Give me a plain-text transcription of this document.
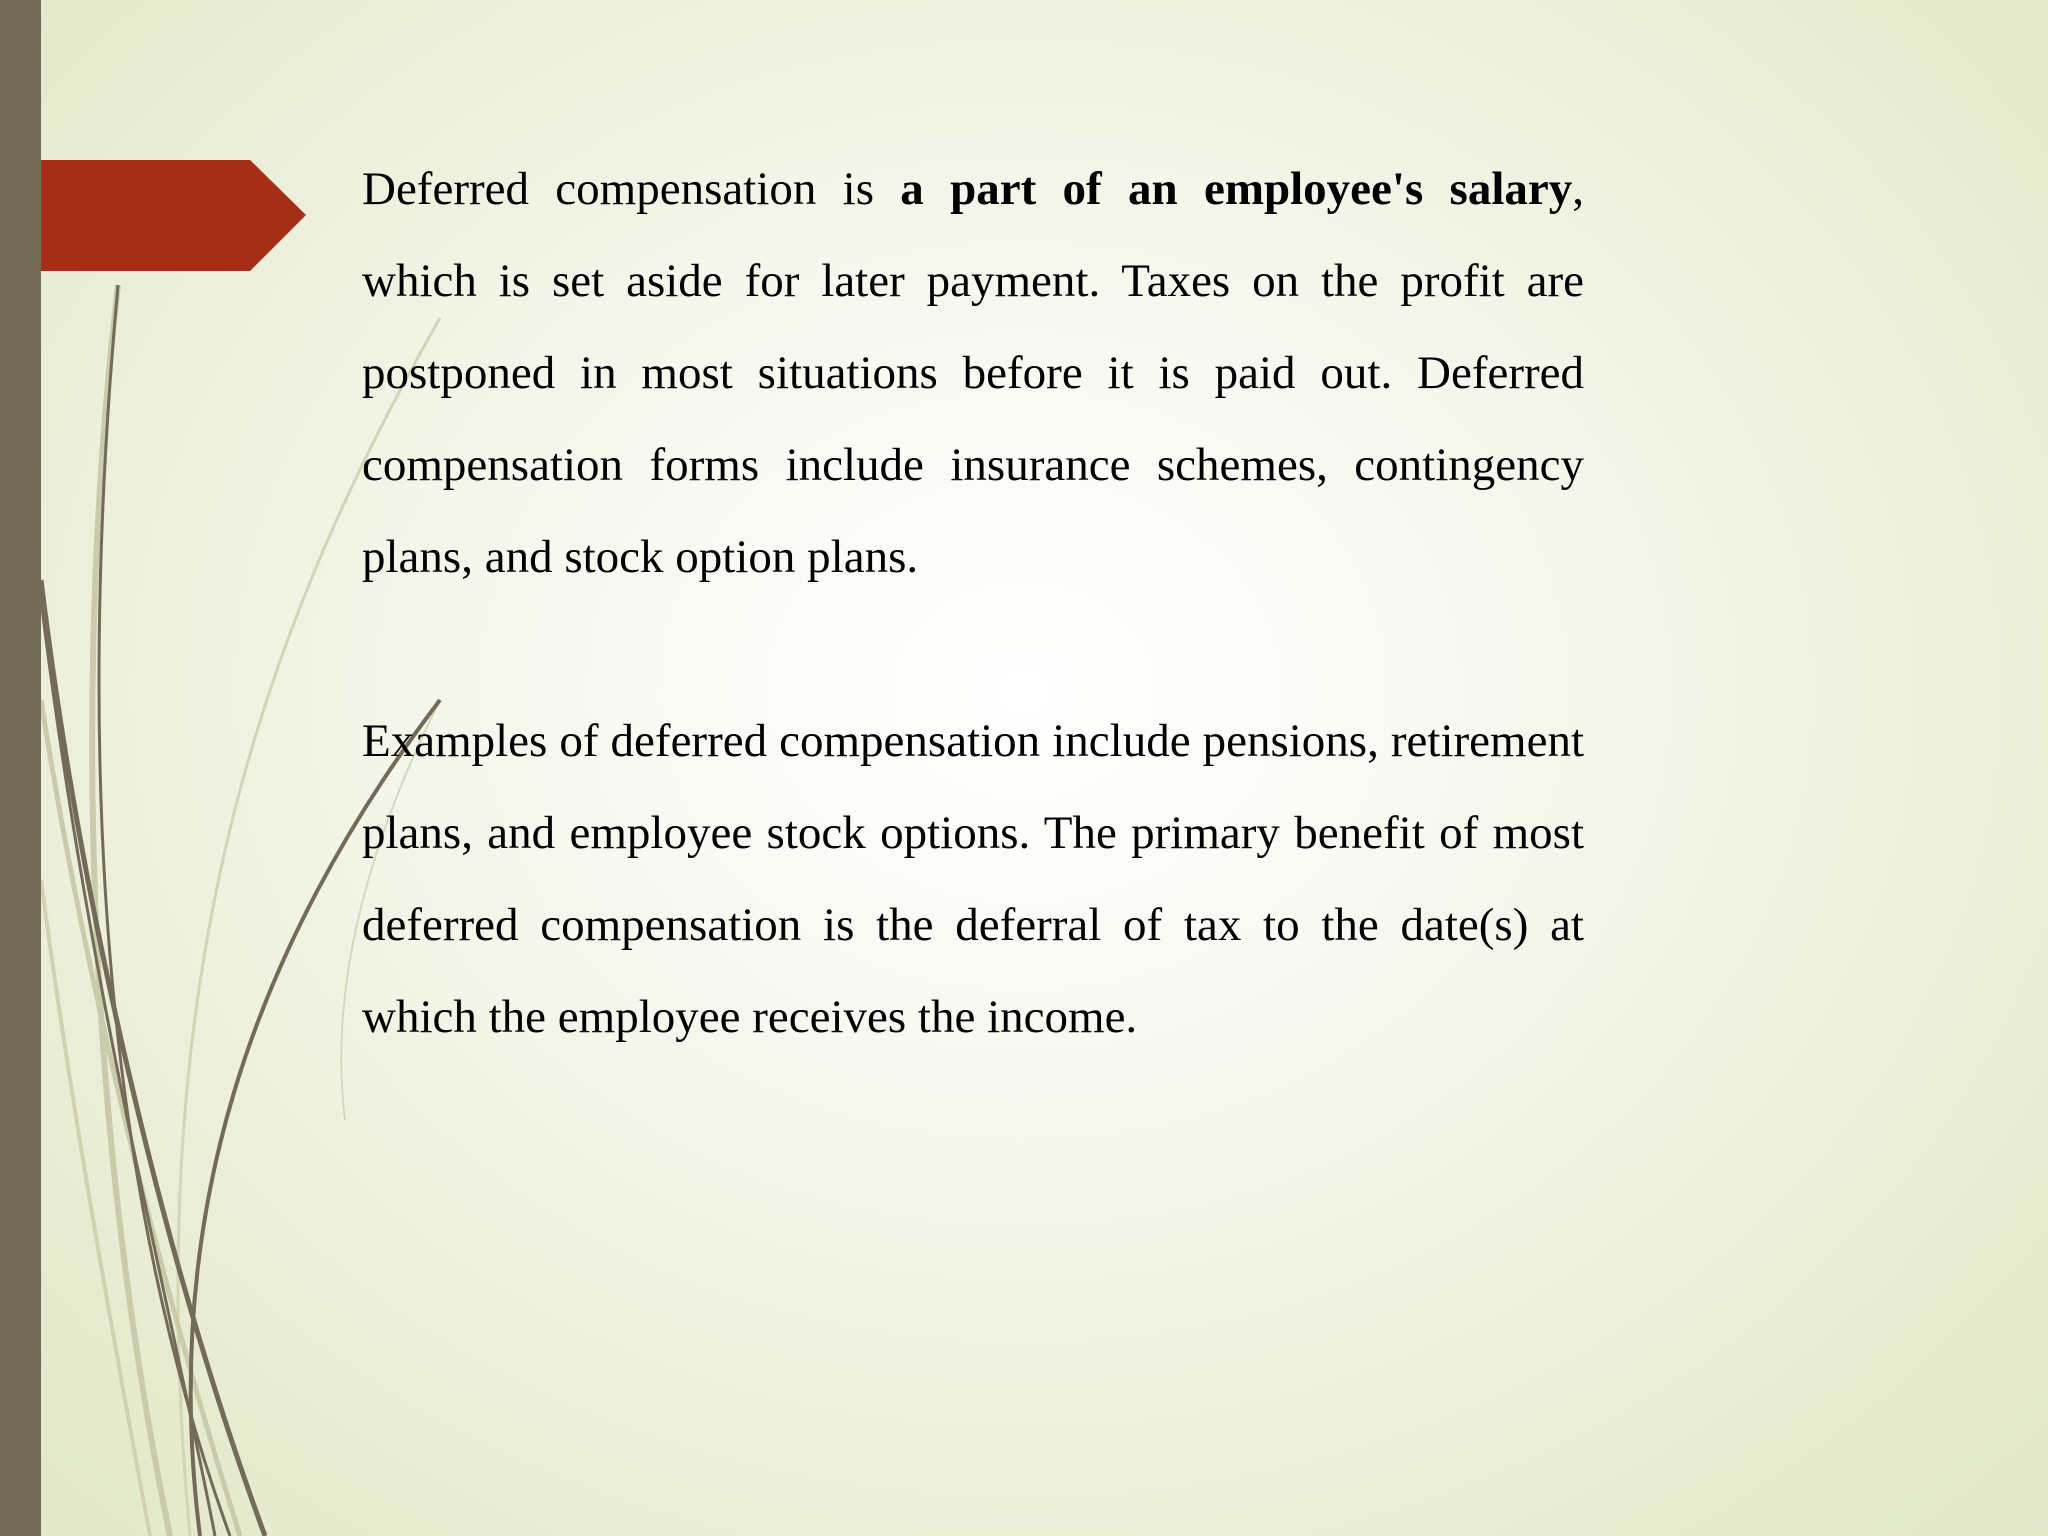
Deferred compensation is a part of an employee's salary, which is set aside for later payment. Taxes on the profit are postponed in most situations before it is paid out. Deferred compensation forms include insurance schemes, contingency plans, and stock option plans.

Examples of deferred compensation include pensions, retirement plans, and employee stock options. The primary benefit of most deferred compensation is the deferral of tax to the date(s) at which the employee receives the income.
